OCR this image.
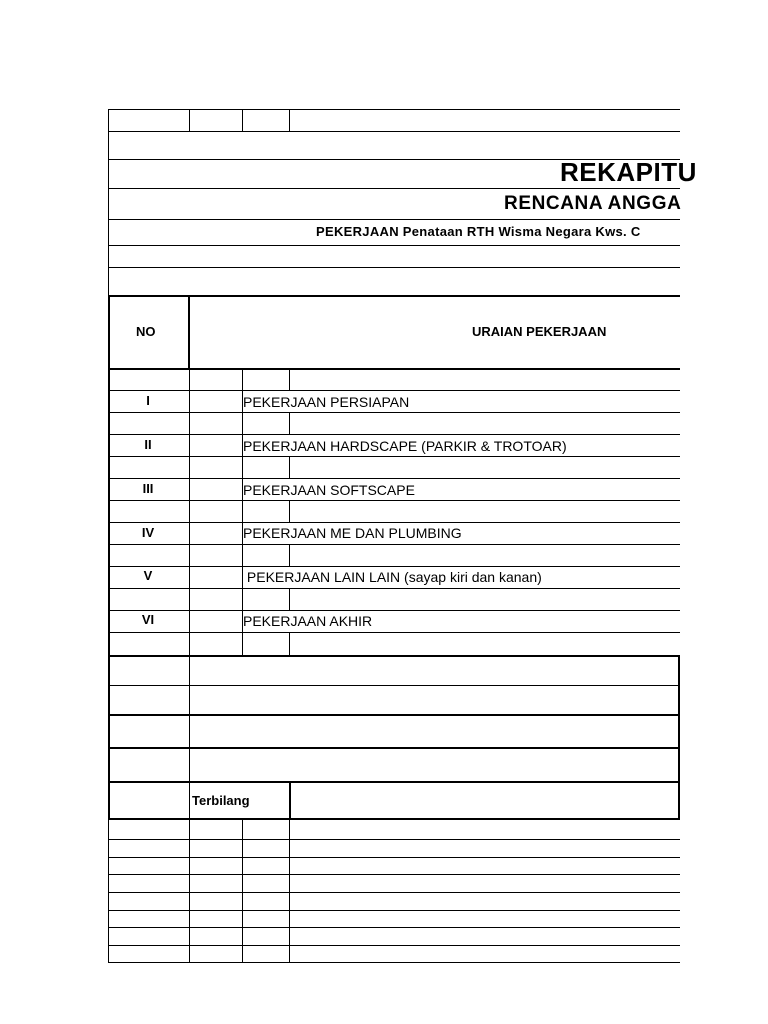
REKAPITU
RENCANA ANGGA
PEKERJAAN Penataan RTH Wisma Negara Kws. C
NO	URAIAN PEKERJAAN
I	PEKERJAAN PERSIAPAN
II	PEKERJAAN HARDSCAPE (PARKIR & TROTOAR)
III	PEKERJAAN SOFTSCAPE
IV	PEKERJAAN ME DAN PLUMBING
V	PEKERJAAN LAIN LAIN (sayap kiri dan kanan)
VI	PEKERJAAN AKHIR
Terbilang
